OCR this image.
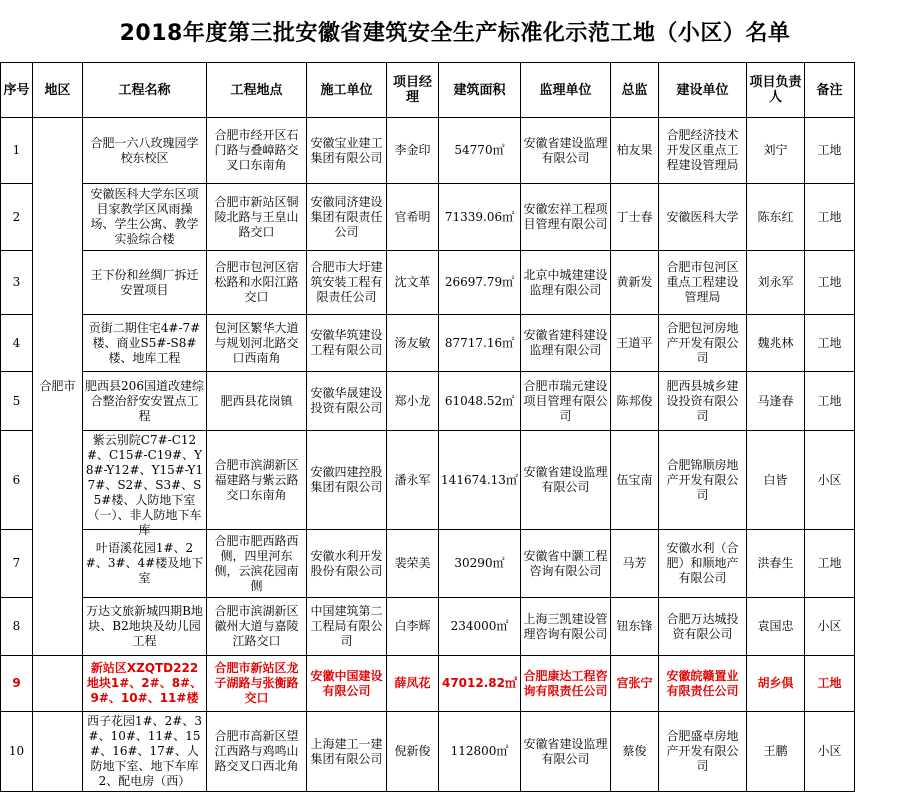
2018年度第三批安徽省建筑安全生产标准化示范工地（小区）名单
序号	地区	工程名称	工程地点	施工单位	项目经理	建筑面积	监理单位	总监	建设单位	项目负责人	备注

1	合肥市	合肥一六八玫瑰园学校东校区	合肥市经开区石门路与叠嶂路交叉口东南角	安徽宝业建工集团有限公司	李金印	54770㎡	安徽省建设监理有限公司	柏友果	合肥经济技术开发区重点工程建设管理局	刘宁	工地

2		安徽医科大学东区项目家教学区风雨操场、学生公寓、教学实验综合楼	合肥市新站区铜陵北路与王皇山路交口	安徽同济建设集团有限责任公司	官希明	71339.06㎡	安徽宏祥工程项目管理有限公司	丁士春	安徽医科大学	陈东红	工地

3		王下份和丝绸厂拆迁安置项目	合肥市包河区宿松路和水阳江路交口	合肥市大圩建筑安装工程有限责任公司	沈文革	26697.79㎡	北京中城建建设监理有限公司	黄新发	合肥市包河区重点工程建设管理局	刘永军	工地

4		贡街二期住宅4#-7#楼、商业S5#-S8#楼、地库工程	包河区繁华大道与规划河北路交口西南角	安徽华筑建设工程有限公司	汤友敏	87717.16㎡	安徽省建科建设监理有限公司	王道平	合肥包河房地产开发有限公司	魏兆林	工地

5		肥西县206国道改建综合整治舒安安置点工程	肥西县花岗镇	安徽华晟建设投资有限公司	郑小龙	61048.52㎡	合肥市瑞元建设项目管理有限公司	陈邦俊	肥西县城乡建设投资有限公司	马逢春	工地

6		紫云别院C7#-C12#、C15#-C19#、Y8#-Y12#、Y15#-Y17#、S2#、S3#、S5#楼、人防地下室（一）、非人防地下车库	合肥市滨湖新区福建路与紫云路交口东南角	安徽四建控股集团有限公司	潘永军	141674.13㎡	安徽省建设监理有限公司	伍宝南	合肥锦顺房地产开发有限公司	白皆	小区

7		叶语溪花园1#、2#、3#、4#楼及地下室	合肥市肥西路西侧，四里河东侧，云滨花园南侧	安徽水利开发股份有限公司	裴荣美	30290㎡	安徽省中灏工程咨询有限公司	马芳	安徽水利（合肥）和顺地产有限公司	洪春生	工地

8		万达文旅新城四期B地块、B2地块及幼儿园工程	合肥市滨湖新区徽州大道与嘉陵江路交口	中国建筑第二工程局有限公司	白李辉	234000㎡	上海三凯建设管理咨询有限公司	钮东锋	合肥万达城投资有限公司	袁国忠	小区

9		新站区XZQTD222地块1#、2#、8#、9#、10#、11#楼	合肥市新站区龙子湖路与张衡路交口	安徽中国建设有限公司	薛凤花	47012.82㎡	合肥康达工程咨询有限责任公司	宫张宁	安徽皖赣置业有限责任公司	胡乡俱	工地

10		西子花园1#、2#、3#、10#、11#、15#、16#、17#、人防地下室、地下车库2、配电房（西）	合肥市高新区望江西路与鸡鸣山路交叉口西北角	上海建工一建集团有限公司	倪新俊	112800㎡	安徽省建设监理有限公司	蔡俊	合肥盛卓房地产开发有限公司	王鹏	小区
